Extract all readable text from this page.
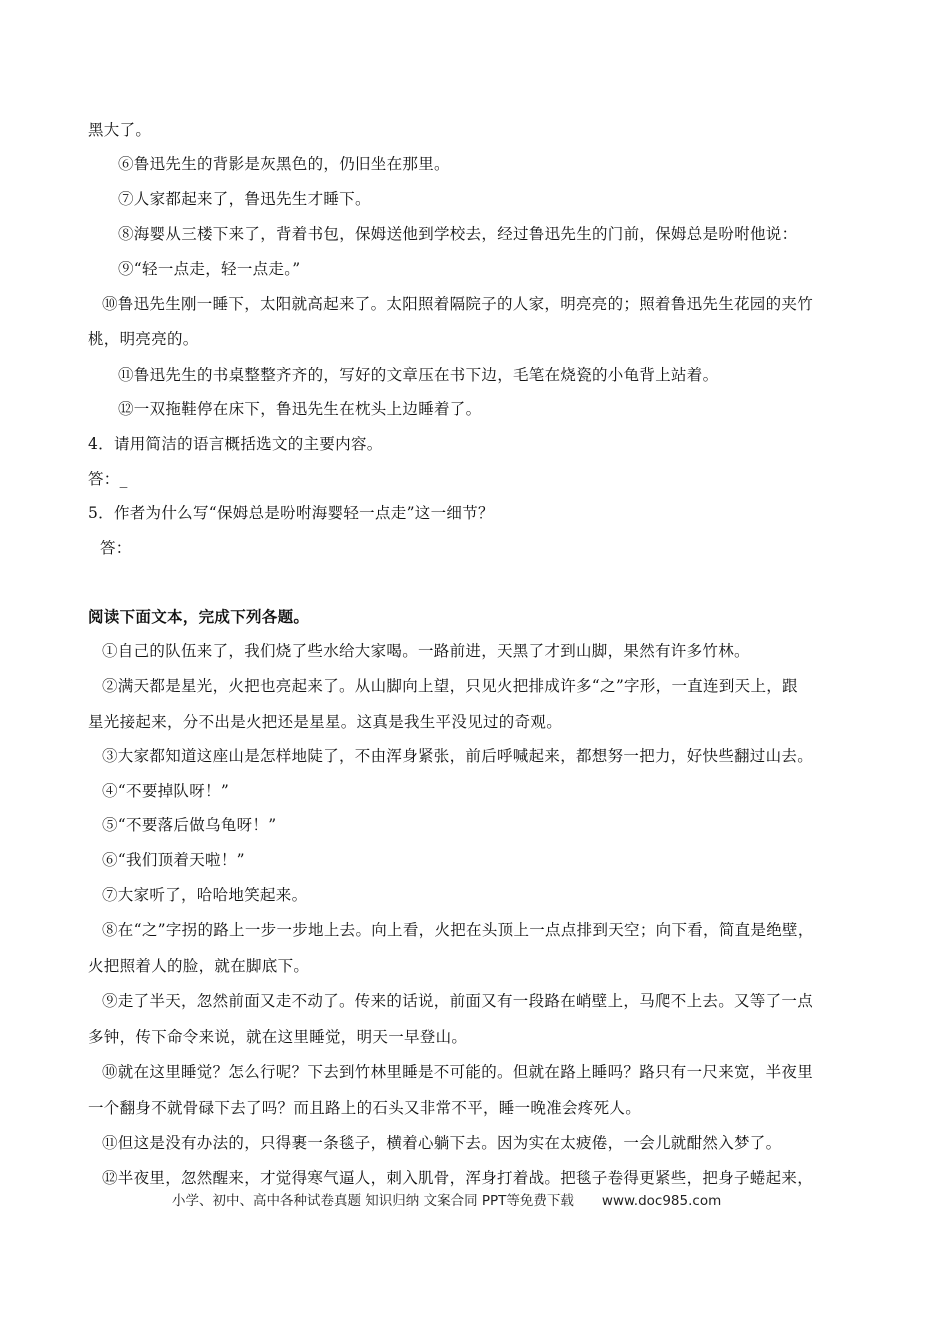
黑大了。
⑥鲁迅先生的背影是灰黑色的，仍旧坐在那里。
⑦人家都起来了，鲁迅先生才睡下。
⑧海婴从三楼下来了，背着书包，保姆送他到学校去，经过鲁迅先生的门前，保姆总是吩咐他说：
⑨“轻一点走，轻一点走。”
⑩鲁迅先生刚一睡下，太阳就高起来了。太阳照着隔院子的人家，明亮亮的；照着鲁迅先生花园的夹竹
桃，明亮亮的。
⑪鲁迅先生的书桌整整齐齐的，写好的文章压在书下边，毛笔在烧瓷的小龟背上站着。
⑫一双拖鞋停在床下，鲁迅先生在枕头上边睡着了。
4．请用简洁的语言概括选文的主要内容。
答：_
5．作者为什么写“保姆总是吩咐海婴轻一点走”这一细节？
答：
阅读下面文本，完成下列各题。
①自己的队伍来了，我们烧了些水给大家喝。一路前进，天黑了才到山脚，果然有许多竹林。
②满天都是星光，火把也亮起来了。从山脚向上望，只见火把排成许多“之”字形，一直连到天上，跟
星光接起来，分不出是火把还是星星。这真是我生平没见过的奇观。
③大家都知道这座山是怎样地陡了，不由浑身紧张，前后呼喊起来，都想努一把力，好快些翻过山去。
④“不要掉队呀！”
⑤“不要落后做乌龟呀！”
⑥“我们顶着天啦！”
⑦大家听了，哈哈地笑起来。
⑧在“之”字拐的路上一步一步地上去。向上看，火把在头顶上一点点排到天空；向下看，简直是绝壁，
火把照着人的脸，就在脚底下。
⑨走了半天，忽然前面又走不动了。传来的话说，前面又有一段路在峭壁上，马爬不上去。又等了一点
多钟，传下命令来说，就在这里睡觉，明天一早登山。
⑩就在这里睡觉？怎么行呢？下去到竹林里睡是不可能的。但就在路上睡吗？路只有一尺来宽，半夜里
一个翻身不就骨碌下去了吗？而且路上的石头又非常不平，睡一晚准会疼死人。
⑪但这是没有办法的，只得裹一条毯子，横着心躺下去。因为实在太疲倦，一会儿就酣然入梦了。
⑫半夜里，忽然醒来，才觉得寒气逼人，刺入肌骨，浑身打着战。把毯子卷得更紧些，把身子蜷起来，
小学、初中、高中各种试卷真题 知识归纳 文案合同 PPT等免费下载 www.doc985.com
